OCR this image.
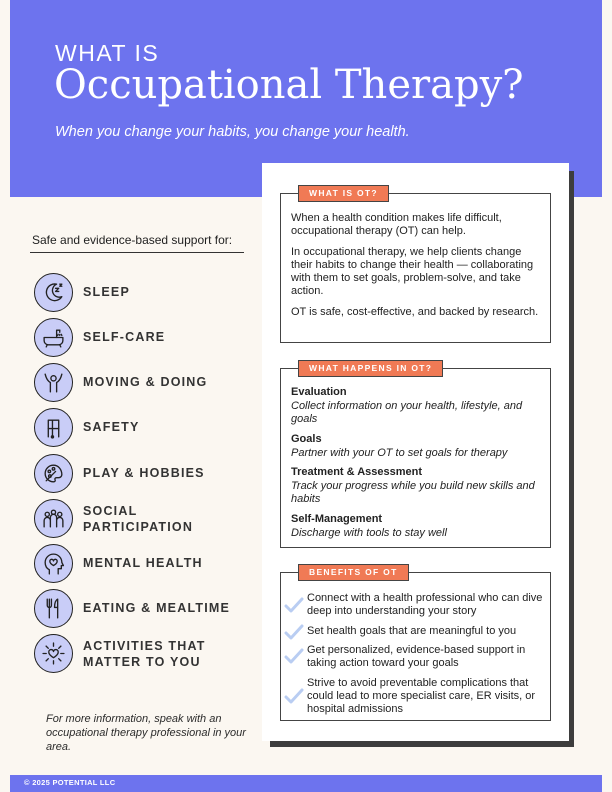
WHAT IS
Occupational Therapy?
When you change your habits, you change your health.
Safe and evidence-based support for:
SLEEP
SELF-CARE
MOVING & DOING
SAFETY
PLAY & HOBBIES
SOCIAL
PARTICIPATION
MENTAL HEALTH
EATING & MEALTIME
ACTIVITIES THAT
MATTER TO YOU
For more information, speak with an occupational therapy professional in your area.
WHAT IS OT?
When a health condition makes life difficult, occupational therapy (OT) can help.
In occupational therapy, we help clients change their habits to change their health — collaborating with them to set goals, problem-solve, and take action.
OT is safe, cost-effective, and backed by research.
WHAT HAPPENS IN OT?
Evaluation
Collect information on your health, lifestyle, and goals
Goals
Partner with your OT to set goals for therapy
Treatment & Assessment
Track your progress while you build new skills and habits
Self-Management
Discharge with tools to stay well
BENEFITS OF OT
Connect with a health professional who can dive deep into understanding your story
Set health goals that are meaningful to you
Get personalized, evidence-based support in taking action toward your goals
Strive to avoid preventable complications that could lead to more specialist care, ER visits, or hospital admissions
© 2025 POTENTIAL LLC
